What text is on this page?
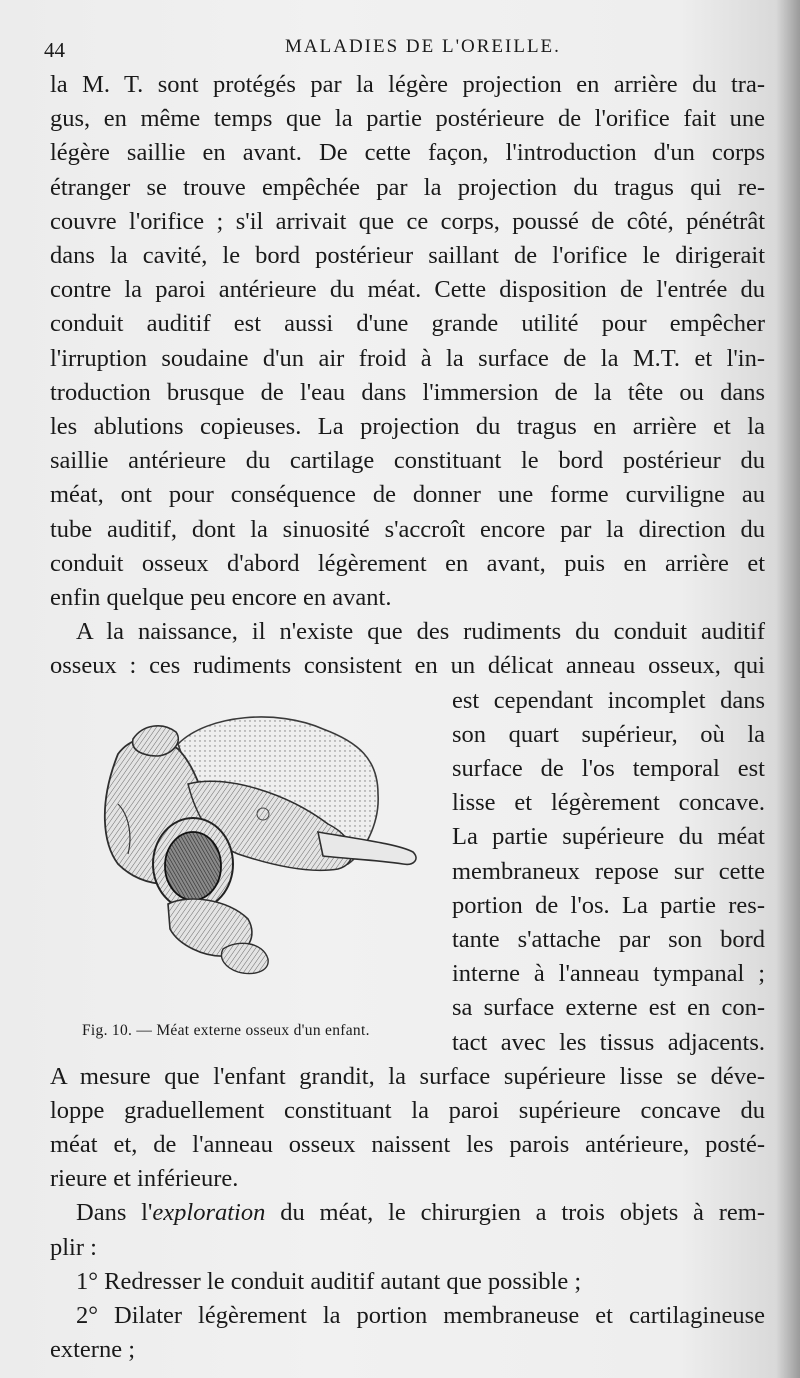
44	MALADIES DE L'OREILLE.

la M. T. sont protégés par la légère projection en arrière du tra-
gus, en même temps que la partie postérieure de l'orifice fait une
légère saillie en avant. De cette façon, l'introduction d'un corps
étranger se trouve empêchée par la projection du tragus qui re-
couvre l'orifice ; s'il arrivait que ce corps, poussé de côté, pénétrât
dans la cavité, le bord postérieur saillant de l'orifice le dirigerait
contre la paroi antérieure du méat. Cette disposition de l'entrée du
conduit auditif est aussi d'une grande utilité pour empêcher
l'irruption soudaine d'un air froid à la surface de la M.T. et l'in-
troduction brusque de l'eau dans l'immersion de la tête ou dans
les ablutions copieuses. La projection du tragus en arrière et la
saillie antérieure du cartilage constituant le bord postérieur du
méat, ont pour conséquence de donner une forme curviligne au
tube auditif, dont la sinuosité s'accroît encore par la direction du
conduit osseux d'abord légèrement en avant, puis en arrière et
enfin quelque peu encore en avant.

A la naissance, il n'existe que des rudiments du conduit auditif
osseux : ces rudiments consistent en un délicat anneau osseux, qui

Fig. 10. — Méat externe osseux d'un enfant.
est cependant incomplet dans
son quart supérieur, où la
surface de l'os temporal est
lisse et légèrement concave.
La partie supérieure du méat
membraneux repose sur cette
portion de l'os. La partie res-
tante s'attache par son bord
interne à l'anneau tympanal ;
sa surface externe est en con-
tact avec les tissus adjacents.

A mesure que l'enfant grandit, la surface supérieure lisse se déve-
loppe graduellement constituant la paroi supérieure concave du
méat et, de l'anneau osseux naissent les parois antérieure, posté-
rieure et inférieure.

Dans l'exploration du méat, le chirurgien a trois objets à rem-
plir :

1° Redresser le conduit auditif autant que possible ;
2° Dilater légèrement la portion membraneuse et cartilagineuse
externe ;
